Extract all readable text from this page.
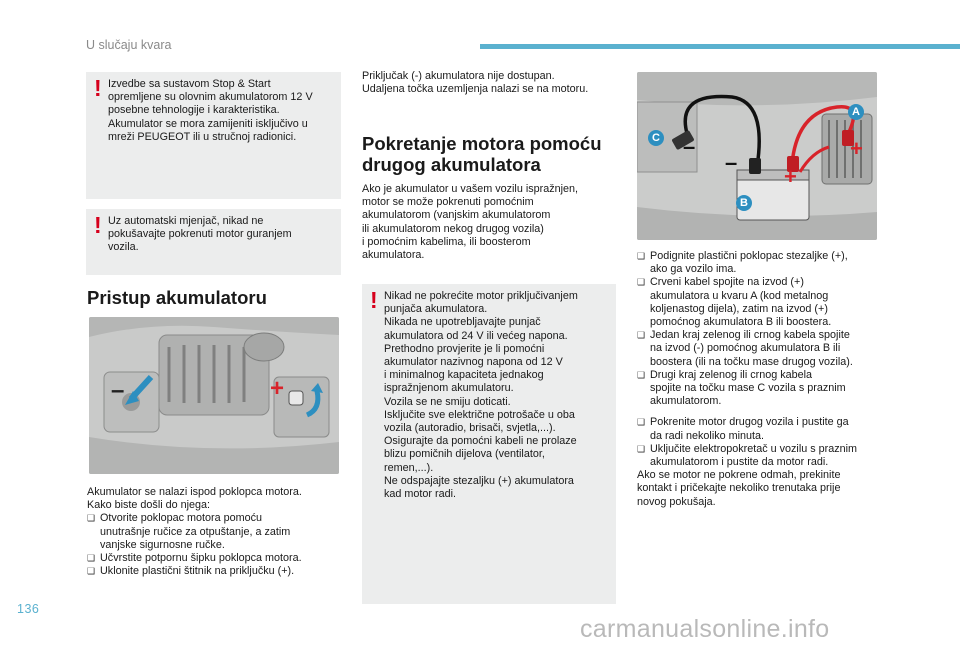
U slučaju kvara
! Izvedbe sa sustavom Stop & Start
opremljene su olovnim akumulatorom 12 V
posebne tehnologije i karakteristika.
Akumulator se mora zamijeniti isključivo u
mreži PEUGEOT ili u stručnoj radionici.
! Uz automatski mjenjač, nikad ne
pokušavajte pokrenuti motor guranjem
vozila.
Pristup akumulatoru
–	+
Akumulator se nalazi ispod poklopca motora.
Kako biste došli do njega:
❑ Otvorite poklopac motora pomoću
unutrašnje ručice za otpuštanje, a zatim
vanjske sigurnosne ručke.
❑ Učvrstite potpornu šipku poklopca motora.
❑ Uklonite plastični štitnik na priključku (+).
Priključak (-) akumulatora nije dostupan.
Udaljena točka uzemljenja nalazi se na motoru.
Pokretanje motora pomoću
drugog akumulatora
Ako je akumulator u vašem vozilu ispražnjen,
motor se može pokrenuti pomoćnim
akumulatorom (vanjskim akumulatorom
ili akumulatorom nekog drugog vozila)
i pomoćnim kabelima, ili boosterom
akumulatora.
! Nikad ne pokrećite motor priključivanjem
punjača akumulatora.
Nikada ne upotrebljavajte punjač
akumulatora od 24 V ili većeg napona.
Prethodno provjerite je li pomoćni
akumulator nazivnog napona od 12 V
i minimalnog kapaciteta jednakog
ispražnjenom akumulatoru.
Vozila se ne smiju doticati.
Isključite sve električne potrošače u oba
vozila (autoradio, brisači, svjetla,...).
Osigurajte da pomoćni kabeli ne prolaze
blizu pomičnih dijelova (ventilator,
remen,...).
Ne odspajajte stezaljku (+) akumulatora
kad motor radi.
C
A
B
–
–
+
+
❑ Podignite plastični poklopac stezaljke (+),
ako ga vozilo ima.
❑ Crveni kabel spojite na izvod (+)
akumulatora u kvaru A (kod metalnog
koljenastog dijela), zatim na izvod (+)
pomoćnog akumulatora B ili boostera.
❑ Jedan kraj zelenog ili crnog kabela spojite
na izvod (-) pomoćnog akumulatora B ili
boostera (ili na točku mase drugog vozila).
❑ Drugi kraj zelenog ili crnog kabela
spojite na točku mase C vozila s praznim
akumulatorom.
❑ Pokrenite motor drugog vozila i pustite ga
da radi nekoliko minuta.
❑ Uključite elektropokretač u vozilu s praznim
akumulatorom i pustite da motor radi.
Ako se motor ne pokrene odmah, prekinite
kontakt i pričekajte nekoliko trenutaka prije
novog pokušaja.
136
carmanualsonline.info
